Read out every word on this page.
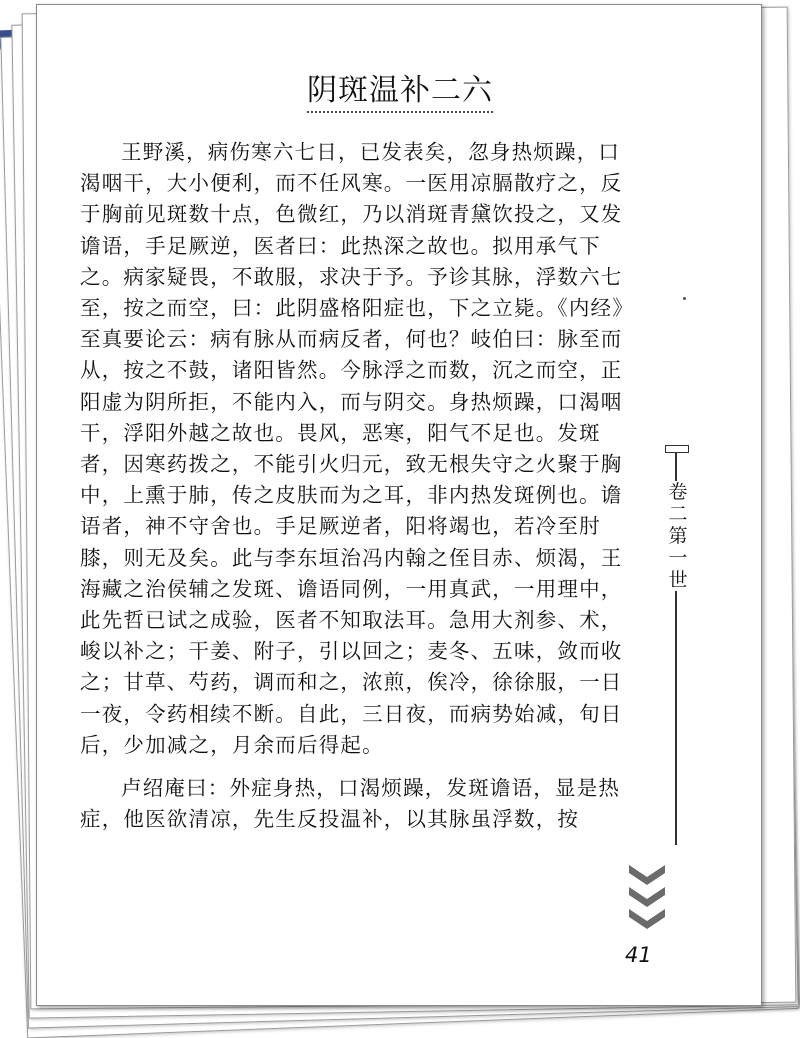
阴斑温补二六

王野溪，病伤寒六七日，已发表矣，忽身热烦躁，口渴咽干，大小便利，而不任风寒。一医用凉膈散疗之，反于胸前见斑数十点，色微红，乃以消斑青黛饮投之，又发谵语，手足厥逆，医者曰：此热深之故也。拟用承气下之。病家疑畏，不敢服，求决于予。予诊其脉，浮数六七至，按之而空，曰：此阴盛格阳症也，下之立毙。《内经》至真要论云：病有脉从而病反者，何也？岐伯曰：脉至而从，按之不鼓，诸阳皆然。今脉浮之而数，沉之而空，正阳虚为阴所拒，不能内入，而与阴交。身热烦躁，口渴咽干，浮阳外越之故也。畏风，恶寒，阳气不足也。发斑者，因寒药拨之，不能引火归元，致无根失守之火聚于胸中，上熏于肺，传之皮肤而为之耳，非内热发斑例也。谵语者，神不守舍也。手足厥逆者，阳将竭也，若冷至肘膝，则无及矣。此与李东垣治冯内翰之侄目赤、烦渴，王海藏之治侯辅之发斑、谵语同例，一用真武，一用理中，此先哲已试之成验，医者不知取法耳。急用大剂参、术，峻以补之；干姜、附子，引以回之；麦冬、五味，敛而收之；甘草、芍药，调而和之，浓煎，俟冷，徐徐服，一日一夜，令药相续不断。自此，三日夜，而病势始减，旬日后，少加减之，月余而后得起。

卢绍庵曰：外症身热，口渴烦躁，发斑谵语，显是热症，他医欲清凉，先生反投温补，以其脉虽浮数，按

卷二第一世
41
